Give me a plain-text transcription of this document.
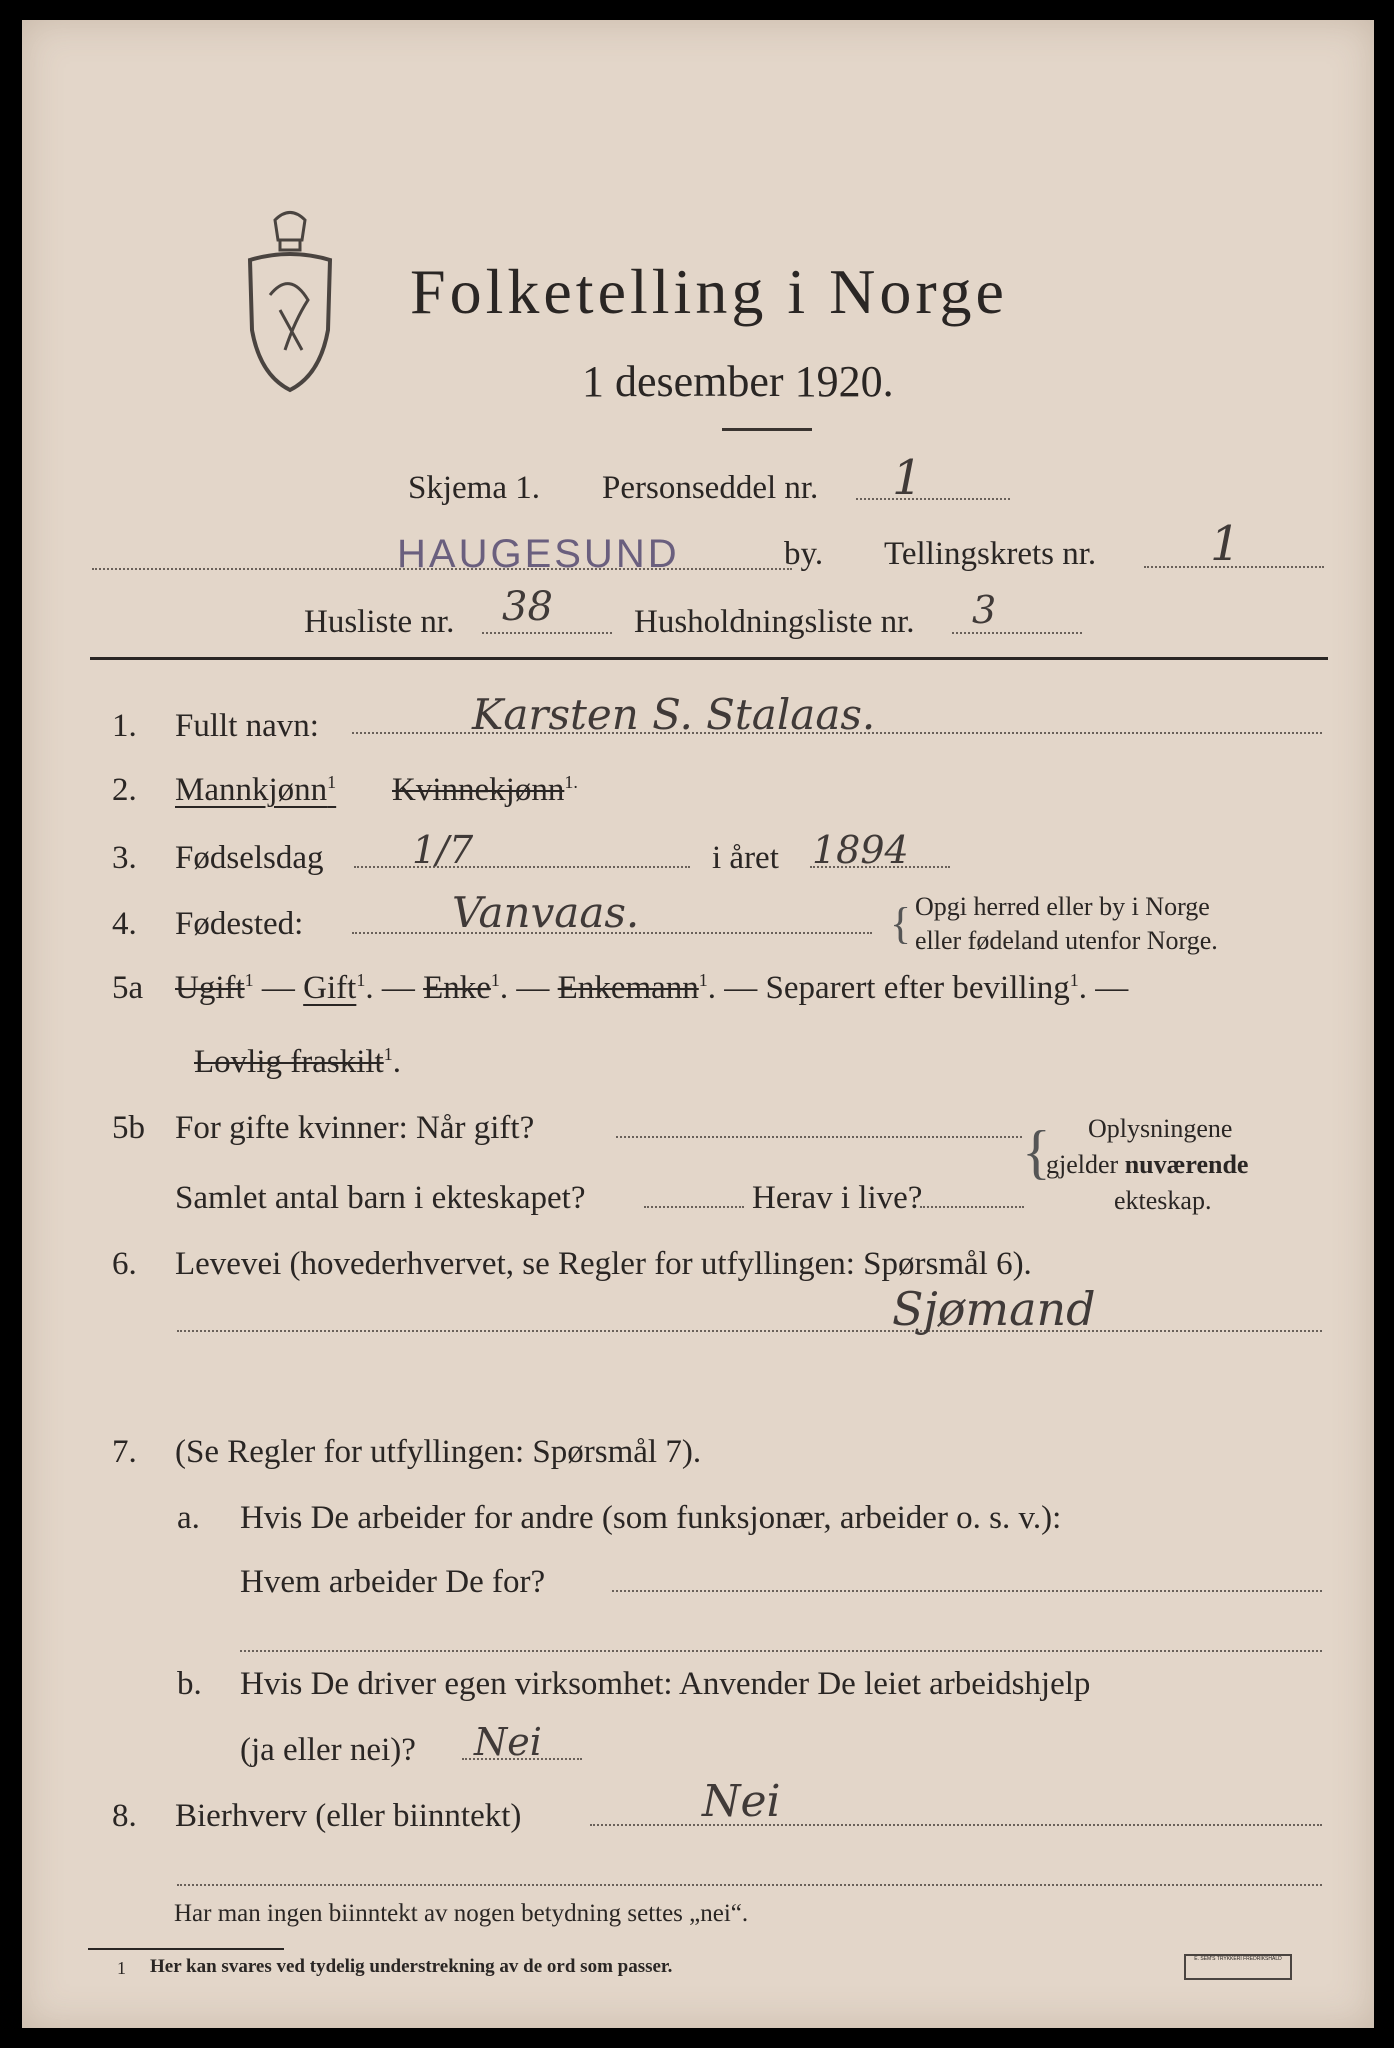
Folketelling i Norge
1 desember 1920.
Skjema 1. Personseddel nr. 1
HAUGESUND	by. Tellingskrets nr. 1
Husliste nr. 38 Husholdningsliste nr. 3
1. Fullt navn:	Karsten S. Stalaas.
2. Mannkjønn$^1$ Kvinnekjønn$^{1.}$
3. Fødselsdag 1/7	i året 1894
4. Fødested:	Vanvaas.	{ Opgi herred eller by i Norge
eller fødeland utenfor Norge.
5a Ugift$^1$ — Gift$^1$. — Enke$^1$. — Enkemann$^1$. — Separert efter bevilling$^1$. —
Lovlig fraskilt$^1$.
5b For gifte kvinner: Når gift?
Samlet antal barn i ekteskapet?	Herav i live?
{ Oplysningene
gjelder nuværende
ekteskap.
6. Levevei (hovederhvervet, se Regler for utfyllingen: Spørsmål 6).
Sjømand
7. (Se Regler for utfyllingen: Spørsmål 7).
a. Hvis De arbeider for andre (som funksjonær, arbeider o. s. v.):
Hvem arbeider De for?
b. Hvis De driver egen virksomhet: Anvender De leiet arbeidshjelp
(ja eller nei)? Nei
8. Bierhverv (eller biinntekt)	Nei
Har man ingen biinntekt av nogen betydning settes „nei“.
1 Her kan svares ved tydelig understrekning av de ord som passer.	E. SEM'S TRYKKERI FREDRIKSHALD
